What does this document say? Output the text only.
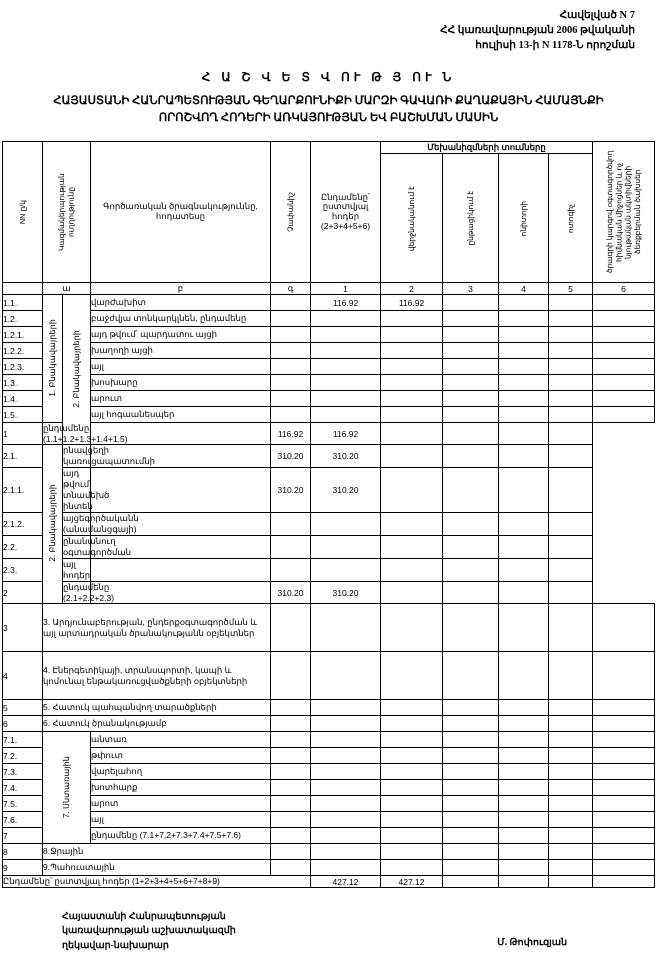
Հավելված N 7
ՀՀ կառավարության 2006 թվականի
հուլիսի 13-ի N 1178-Ն որոշման
Հ Ա Շ Վ Ե Տ Վ ՈՒ Թ Յ ՈՒ Ն
ՀԱՅԱՍՏԱՆԻ ՀԱՆՐԱՊԵՏՈՒԹՅԱՆ ԳԵՂԱՐՔՈՒՆԻՔԻ ՄԱՐԶԻ ԳԱՎԱՌԻ ՔԱՂԱՔԱՅԻՆ ՀԱՄԱՅՆՔԻ
ՈՐՈՇՎՈՂ ՀՈԴԵՐԻ ԱՌԿԱՅՈՒԹՅԱՆ ԵՎ ԲԱՇԽՄԱՆ ՄԱՍԻՆ
NN ը/կ	Կազմակերպության ուղղությունը		Գործառական ծրագնակություննը, հոդատեսը	Չափանիշ	Ընդամենը՝ ըստտվյալ հոդեր (2+3+4+5+6)	Մեխանիզմների տումները				ծրագրի կարգով օգտագործվող հիմնական միջոցներ և ոչ նյութական ակտիվների ձեռքբերման ծախսեր

						վերջնականում է	ընթացիկում է	ոնիտորի	ոտոգիչ	

	ա		բ	գ	1	2	3	4	5	6
1.1.	1. Բնակավայրերի	2. Բնակավայրերի	վարժախիտ		116.92	116.92				
1.2.			բաջժվյա տոնկարկլնեն, ընդամենը							
1.2.1.			այդ թվում՝ պարդատու այցի							
1.2.2.			խաղողի այցի							
1.2.3.			այլ							
1.3.			խոսխարը							
1.4.			արուտ							
1.5.			այլ հոգաանեսպեր							
1	ընդամենը (1.1+1.2+1.3+1.4+1.5)			116.92	116.92					
2.1.	2. Բնակավայրերի	րնավցեղի կառուցապատումնի		310.20	310.20					
2.1.1.		այդ թվում՝ տնամեխծ ինտեն		310.20	310.20					
2.1.2.		այցեգործականն (անամանցգայի)								
2.2.		ընանանուղ օգտագործման								
2.3.		այլ հոդեր								
2		ընդամենը (2.1+2.2+2.3)		310.20	310.20					
3	3. Արդյունաբերության, ընդերքօգտագործման և այլ արտադրական ծրանակությանն օբյեկտներ									
4	4. Էներգետիկայի, տրանսպորտի, կապի և կոմունալ ենթակառուցվածքների օբյեկտների									
5	5. Հատուկ պահպանվող տարածքների									
6	6. Հատուկ ծրանակությամբ									
7.1.	7. Սնտառային		անտառ							
7.2.			թփուտ							
7.3.			վարելահող							
7.4.			խոտհարք							
7.5.			արոտ							
7.6.			այլ							
7			ընդամենը (7.1+7.2+7.3+7.4+7.5+7.6)							
8	8.Ջրային									
9	9.Պահուստային									
Ընդամենը՝ ըստտվյալ հոդեր (1+2+3+4+5+6+7+8+9)					427.12	427.12				
Հայաստանի Հանրապետության
կառավարության աշխատակազմի
ղեկավար-նախարար	Մ. Թոփուզյան
